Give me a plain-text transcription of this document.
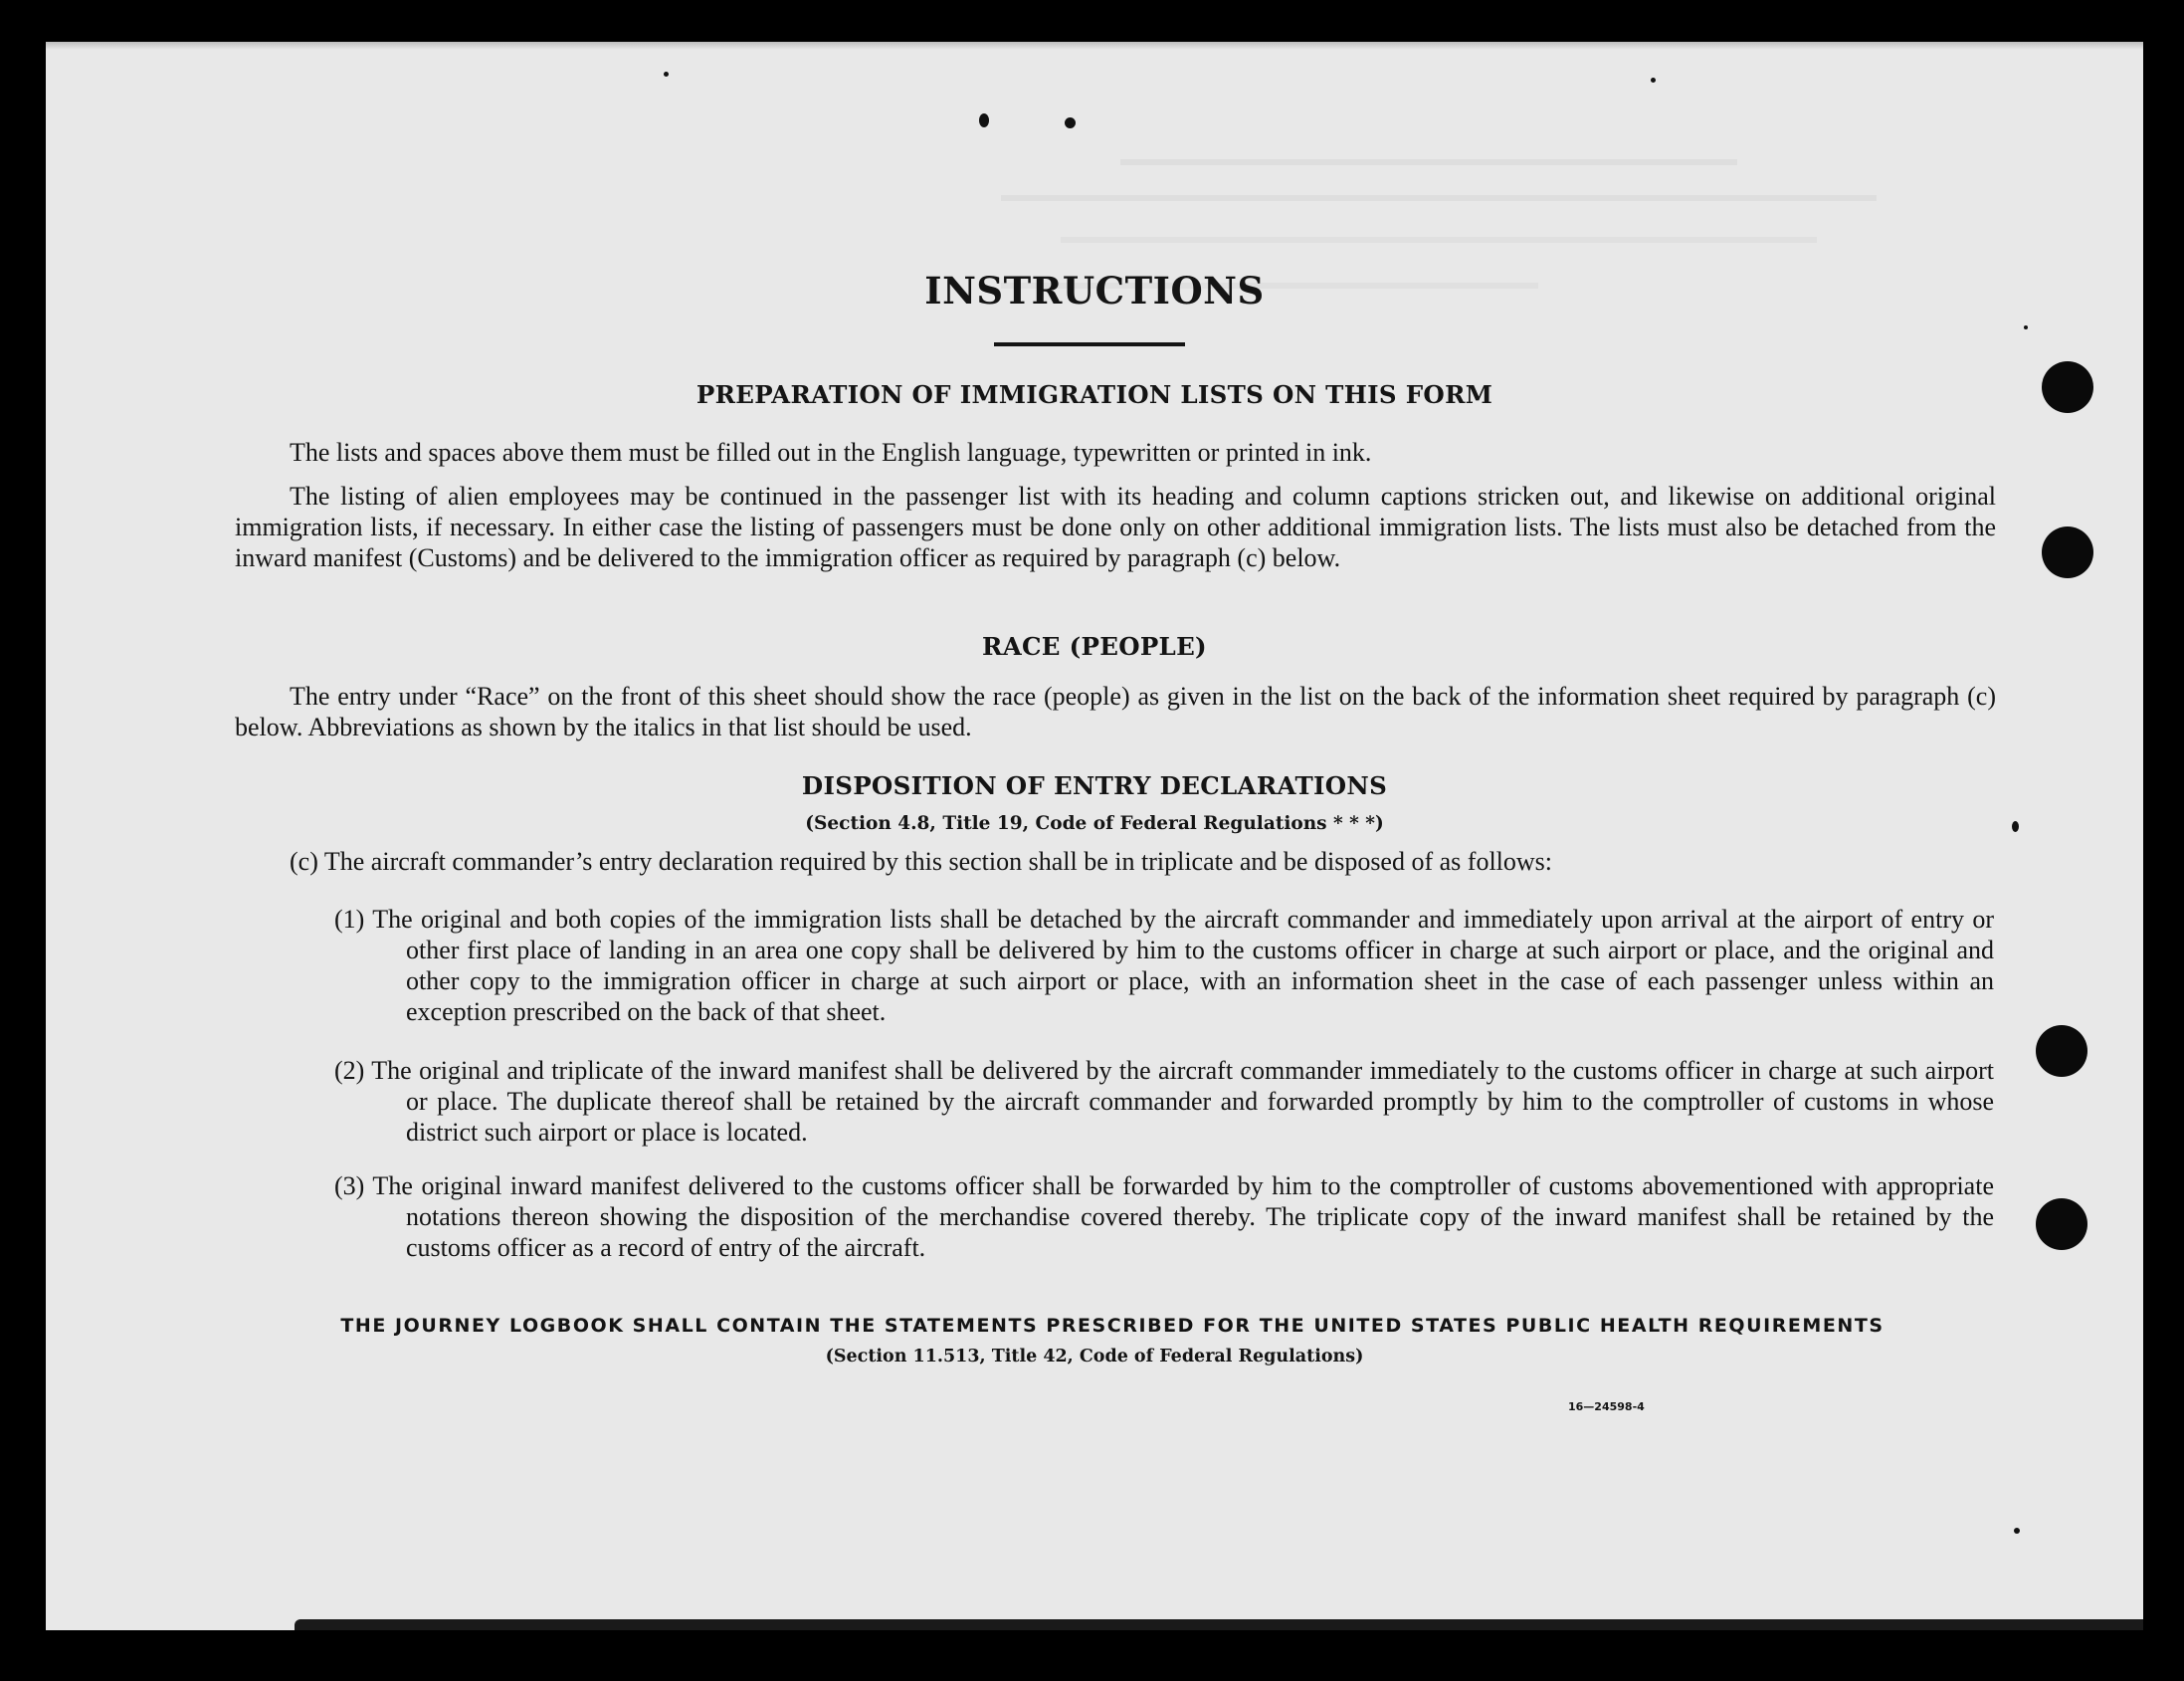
INSTRUCTIONS
PREPARATION OF IMMIGRATION LISTS ON THIS FORM
The lists and spaces above them must be filled out in the English language, typewritten or printed in ink.
The listing of alien employees may be continued in the passenger list with its heading and column captions stricken out, and likewise on additional original immigration lists, if necessary. In either case the listing of passengers must be done only on other additional immigration lists. The lists must also be detached from the inward manifest (Customs) and be delivered to the immigration officer as required by paragraph (c) below.
RACE (PEOPLE)
The entry under “Race” on the front of this sheet should show the race (people) as given in the list on the back of the information sheet required by paragraph (c) below. Abbreviations as shown by the italics in that list should be used.
DISPOSITION OF ENTRY DECLARATIONS
(Section 4.8, Title 19, Code of Federal Regulations * * *)
(c) The aircraft commander’s entry declaration required by this section shall be in triplicate and be disposed of as follows:
(1) The original and both copies of the immigration lists shall be detached by the aircraft commander and immediately upon arrival at the airport of entry or other first place of landing in an area one copy shall be delivered by him to the customs officer in charge at such airport or place, and the original and other copy to the immigration officer in charge at such airport or place, with an information sheet in the case of each passenger unless within an exception prescribed on the back of that sheet.
(2) The original and triplicate of the inward manifest shall be delivered by the aircraft commander immediately to the customs officer in charge at such airport or place. The duplicate thereof shall be retained by the aircraft commander and forwarded promptly by him to the comptroller of customs in whose district such airport or place is located.
(3) The original inward manifest delivered to the customs officer shall be forwarded by him to the comptroller of customs abovementioned with appropriate notations thereon showing the disposition of the merchandise covered thereby. The triplicate copy of the inward manifest shall be retained by the customs officer as a record of entry of the aircraft.
THE JOURNEY LOGBOOK SHALL CONTAIN THE STATEMENTS PRESCRIBED FOR THE UNITED STATES PUBLIC HEALTH REQUIREMENTS
(Section 11.513, Title 42, Code of Federal Regulations)
16—24598-4
